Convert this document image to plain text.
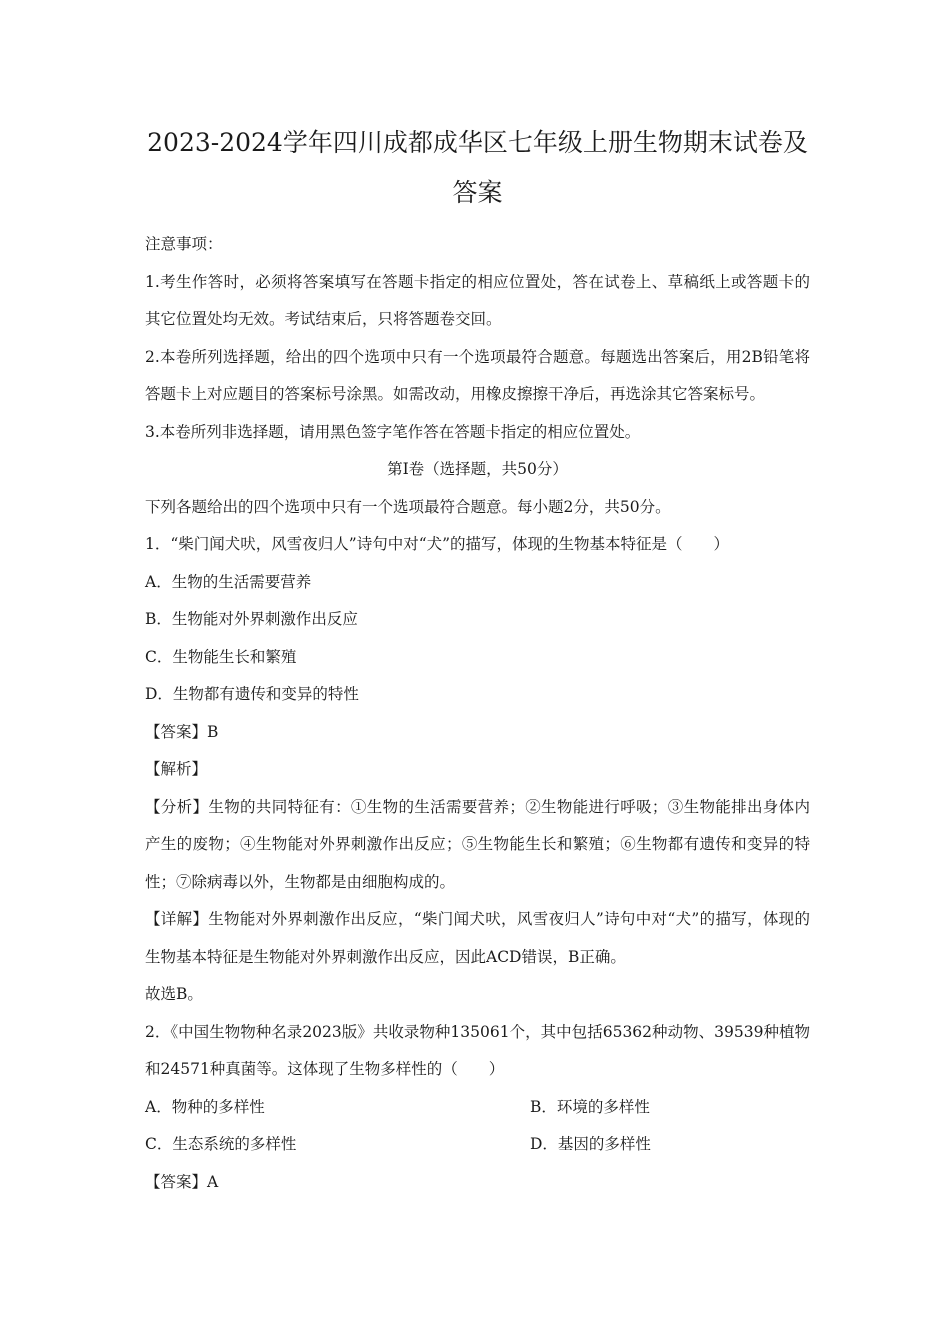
2023-2024学年四川成都成华区七年级上册生物期末试卷及答案

注意事项：

1.考生作答时，必须将答案填写在答题卡指定的相应位置处，答在试卷上、草稿纸上或答题卡的其它位置处均无效。考试结束后，只将答题卷交回。

2.本卷所列选择题，给出的四个选项中只有一个选项最符合题意。每题选出答案后，用2B铅笔将答题卡上对应题目的答案标号涂黑。如需改动，用橡皮擦擦干净后，再选涂其它答案标号。

3.本卷所列非选择题，请用黑色签字笔作答在答题卡指定的相应位置处。

第Ⅰ卷（选择题，共50分）

下列各题给出的四个选项中只有一个选项最符合题意。每小题2分，共50分。

1．“柴门闻犬吠，风雪夜归人”诗句中对“犬”的描写，体现的生物基本特征是（　　）

A．生物的生活需要营养

B．生物能对外界刺激作出反应

C．生物能生长和繁殖

D．生物都有遗传和变异的特性

【答案】B

【解析】

【分析】生物的共同特征有：①生物的生活需要营养；②生物能进行呼吸；③生物能排出身体内产生的废物；④生物能对外界刺激作出反应；⑤生物能生长和繁殖；⑥生物都有遗传和变异的特性；⑦除病毒以外，生物都是由细胞构成的。

【详解】生物能对外界刺激作出反应，“柴门闻犬吠，风雪夜归人”诗句中对“犬”的描写，体现的生物基本特征是生物能对外界刺激作出反应，因此ACD错误，B正确。

故选B。

2．《中国生物物种名录2023版》共收录物种135061个，其中包括65362种动物、39539种植物和24571种真菌等。这体现了生物多样性的（　　）

A．物种的多样性	B．环境的多样性

C．生态系统的多样性	D．基因的多样性

【答案】A
